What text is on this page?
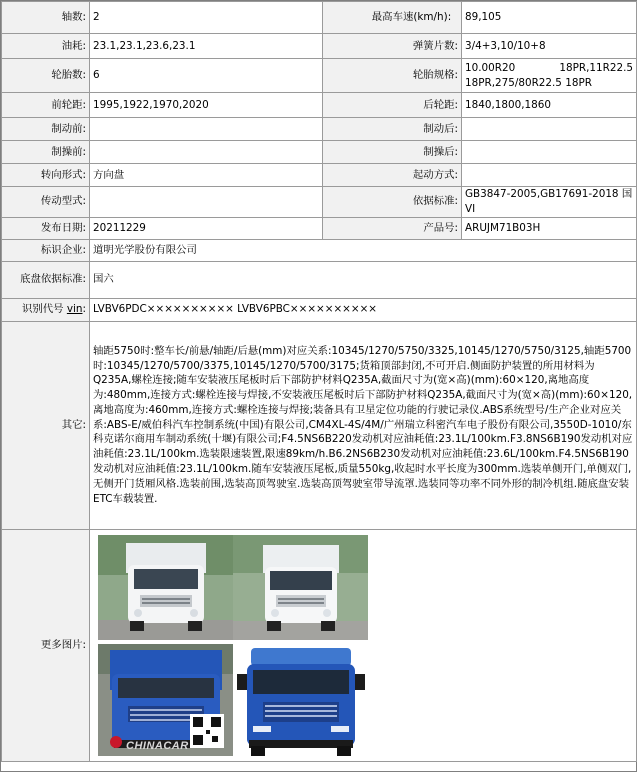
轴数:	2	最高车速(km/h):	89,105
油耗:	23.1,23.1,23.6,23.1	弹簧片数:	3/4+3,10/10+8
轮胎数:	6	轮胎规格:	10.00R20 18PR,11R22.5
18PR,275/80R22.5 18PR

前轮距:	1995,1922,1970,2020	后轮距:	1840,1800,1860
制动前:		制动后:	
制操前:		制操后:	
转向形式:	方向盘	起动方式:	
传动型式:		依据标准:	GB3847-2005,GB17691-2018 国VI
发布日期:	20211229	产品号:	ARUJM71B03H
标识企业:	道明光学股份有限公司		
底盘依据标准:	国六		
识别代号 vin:	LVBV6PDC×××××××××× LVBV6PBC××××××××××		
其它:	轴距5750时:整车长/前悬/轴距/后悬(mm)对应关系:10345/1270/5750/3325,10145/1270/5750/3125,轴距5700时:10345/1270/5700/3375,10145/1270/5700/3175;货箱顶部封闭,不可开启.侧面防护装置的所用材料为Q235A,螺栓连接;随车安装液压尾板时后下部防护材料Q235A,截面尺寸为(宽×高)(mm):60×120,离地高度为:480mm,连接方式:螺栓连接与焊接,不安装液压尾板时后下部防护材料Q235A,截面尺寸为(宽×高)(mm):60×120,离地高度为:460mm,连接方式:螺栓连接与焊接;装备具有卫星定位功能的行驶记录仪.ABS系统型号/生产企业对应关系:ABS-E/威伯科汽车控制系统(中国)有限公司,CM4XL-4S/4M/广州瑞立科密汽车电子股份有限公司,3550D-1010/东科克诺尔商用车制动系统(十堰)有限公司;F4.5NS6B220发动机对应油耗值:23.1L/100km.F3.8NS6B190发动机对应油耗值:23.1L/100km.选装限速装置,限速89km/h.B6.2NS6B230发动机对应油耗值:23.6L/100km.F4.5NS6B190发动机对应油耗值:23.1L/100km.随车安装液压尾板,质量550kg,收起时水平长度为300mm.选装单侧开门,单侧双门,无侧开门货厢风格.选装前围,选装高顶驾驶室.选装高顶驾驶室带导流罩.选装同等功率不同外形的制冷机组.随底盘安装ETC车载装置.		
更多图片:	CHINACAR		
